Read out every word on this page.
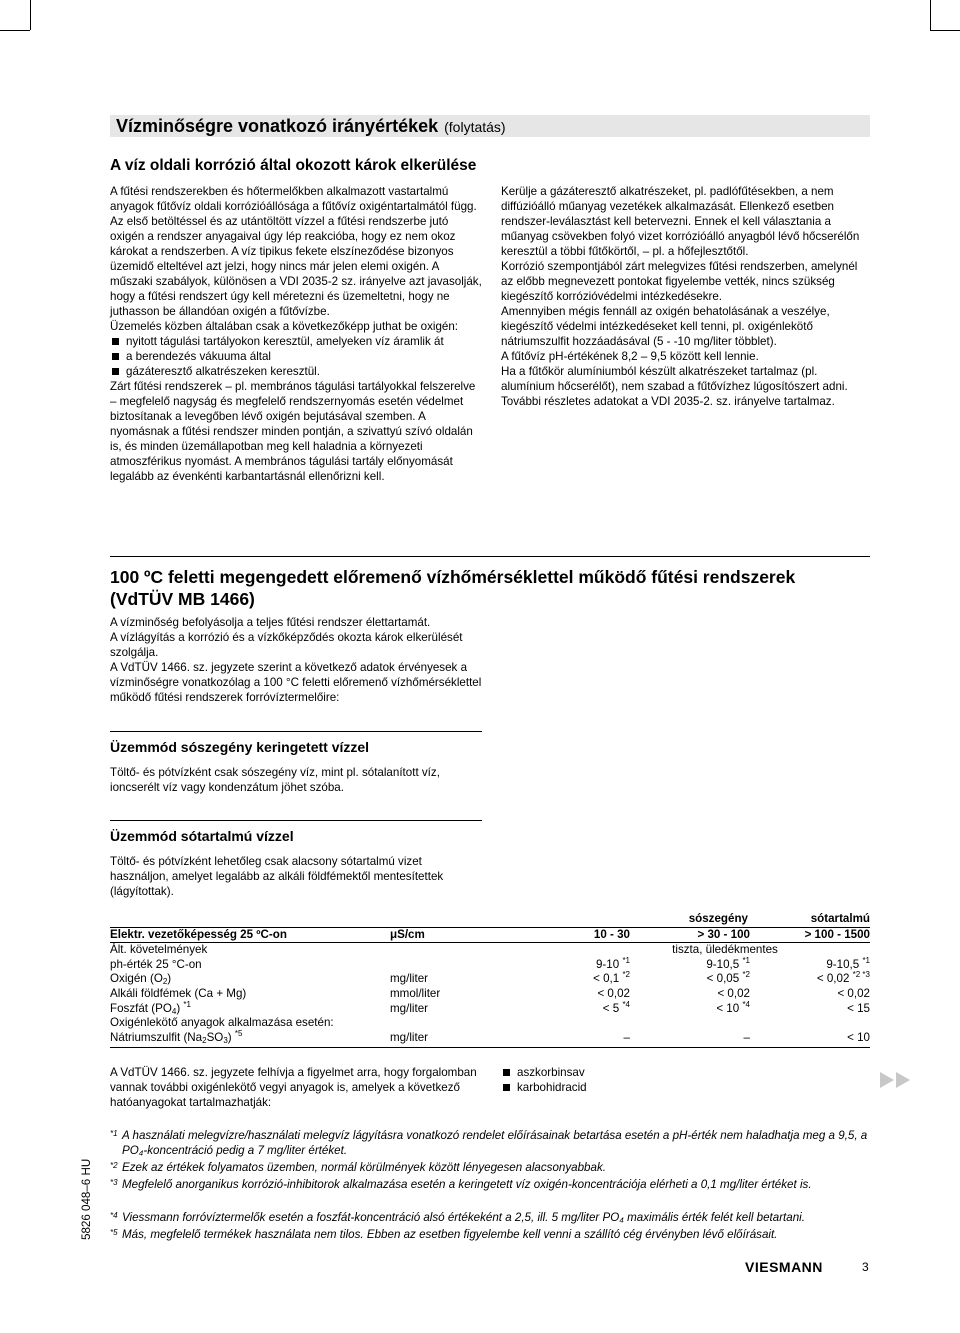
Vízminőségre vonatkozó irányértékek (folytatás)
A víz oldali korrózió által okozott károk elkerülése

A fűtési rendszerekben és hőtermelőkben alkalmazott vastartalmú anyagok fűtővíz oldali korrózióállósága a fűtővíz oxigéntartalmától függ. Az első betöltéssel és az utántöltött vízzel a fűtési rendszerbe jutó oxigén a rendszer anyagaival úgy lép reakcióba, hogy ez nem okoz károkat a rendszerben. A víz tipikus fekete elszíneződése bizonyos üzemidő elteltével azt jelzi, hogy nincs már jelen elemi oxigén. A műszaki szabályok, különösen a VDI 2035-2 sz. irányelve azt javasolják, hogy a fűtési rendszert úgy kell méretezni és üzemeltetni, hogy ne juthasson be állandóan oxigén a fűtővízbe.

Üzemelés közben általában csak a következőképp juthat be oxigén:

nyitott tágulási tartályokon keresztül, amelyeken víz áramlik át
a berendezés vákuuma által
gázáteresztő alkatrészeken keresztül.

Zárt fűtési rendszerek – pl. membrános tágulási tartályokkal felszerelve – megfelelő nagyság és megfelelő rendszernyomás esetén védelmet biztosítanak a levegőben lévő oxigén bejutásával szemben. A nyomásnak a fűtési rendszer minden pontján, a szivattyú szívó oldalán is, és minden üzemállapotban meg kell haladnia a környezeti atmoszférikus nyomást. A membrános tágulási tartály előnyomását legalább az évenkénti karbantartásnál ellenőrizni kell.

Kerülje a gázáteresztő alkatrészeket, pl. padlófűtésekben, a nem diffúzióálló műanyag vezetékek alkalmazását. Ellenkező esetben rendszer-leválasztást kell betervezni. Ennek el kell választania a műanyag csövekben folyó vizet korrózióálló anyagból lévő hőcserélőn keresztül a többi fűtőkörtől, – pl. a hőfejlesztőtől.

Korrózió szempontjából zárt melegvizes fűtési rendszerben, amelynél az előbb megnevezett pontokat figyelembe vették, nincs szükség kiegészítő korrózióvédelmi intézkedésekre.

Amennyiben mégis fennáll az oxigén behatolásának a veszélye, kiegészítő védelmi intézkedéseket kell tenni, pl. oxigénlekötő nátriumszulfit hozzáadásával (5 - -10 mg/liter többlet).

A fűtővíz pH-értékének 8,2 – 9,5 között kell lennie.

Ha a fűtőkör alumíniumból készült alkatrészeket tartalmaz (pl. alumínium hőcserélőt), nem szabad a fűtővízhez lúgosítószert adni.

További részletes adatokat a VDI 2035-2. sz. irányelve tartalmaz.

100 ºC feletti megengedett előremenő vízhőmérséklettel működő fűtési rendszerek
(VdTÜV MB 1466)

A vízminőség befolyásolja a teljes fűtési rendszer élettartamát.

A vízlágyítás a korrózió és a vízkőképződés okozta károk elkerülését szolgálja.

A VdTÜV 1466. sz. jegyzete szerint a következő adatok érvényesek a vízminőségre vonatkozólag a 100 °C feletti előremenő vízhőmérséklettel működő fűtési rendszerek forróvíztermelőire:

Üzemmód sószegény keringetett vízzel

Töltő- és pótvízként csak sószegény víz, mint pl. sótalanított víz, ioncserélt víz vagy kondenzátum jöhet szóba.

Üzemmód sótartalmú vízzel

Töltő- és pótvízként lehetőleg csak alacsony sótartalmú vizet használjon, amelyet legalább az alkáli földfémektől mentesítettek (lágyítottak).

		sószegény		sótartalmú
Elektr. vezetőképesség 25 ºC-on	μS/cm	10 - 30	> 30 - 100	> 100 - 1500
Ált. követelmények		tiszta, üledékmentes		
ph-érték 25 °C-on		9-10 $^{*1}$	9-10,5 $^{*1}$	9-10,5 $^{*1}$
Oxigén $(O_2)$	mg/liter	< 0,1 $^{*2}$	< 0,05 $^{*2}$	< 0,02 $^{*2 *3}$
Alkáli földfémek (Ca + Mg)	mmol/liter	< 0,02	< 0,02	< 0,02
Foszfát $(PO_4)$ $^{*1}$	mg/liter	< 5 $^{*4}$	< 10 $^{*4}$	< 15
Oxigénlekötő anyagok alkalmazása esetén:				
Nátriumszulfit $(Na_2SO_3)$ $^{*5}$	mg/liter	–	–	< 10

A VdTÜV 1466. sz. jegyzete felhívja a figyelmet arra, hogy forgalomban vannak további oxigénlekötő vegyi anyagok is, amelyek a következő hatóanyagokat tartalmazhatják:

aszkorbinsav
karbohidracid
*1 A használati melegvízre/használati melegvíz lágyításra vonatkozó rendelet előírásainak betartása esetén a pH-érték nem haladhatja meg a 9,5, a PO₄-koncentráció pedig a 7 mg/liter értéket.
*2 Ezek az értékek folyamatos üzemben, normál körülmények között lényegesen alacsonyabbak.
*3 Megfelelő anorganikus korrózió-inhibitorok alkalmazása esetén a keringetett víz oxigén-koncentrációja elérheti a 0,1 mg/liter értéket is.
*4 Viessmann forróvíztermelők esetén a foszfát-koncentráció alsó értékeként a 2,5, ill. 5 mg/liter PO₄ maximális érték felét kell betartani.
*5 Más, megfelelő termékek használata nem tilos. Ebben az esetben figyelembe kell venni a szállító cég érvényben lévő előírásait.
5826 048–6 HU
VIESMANN	3
